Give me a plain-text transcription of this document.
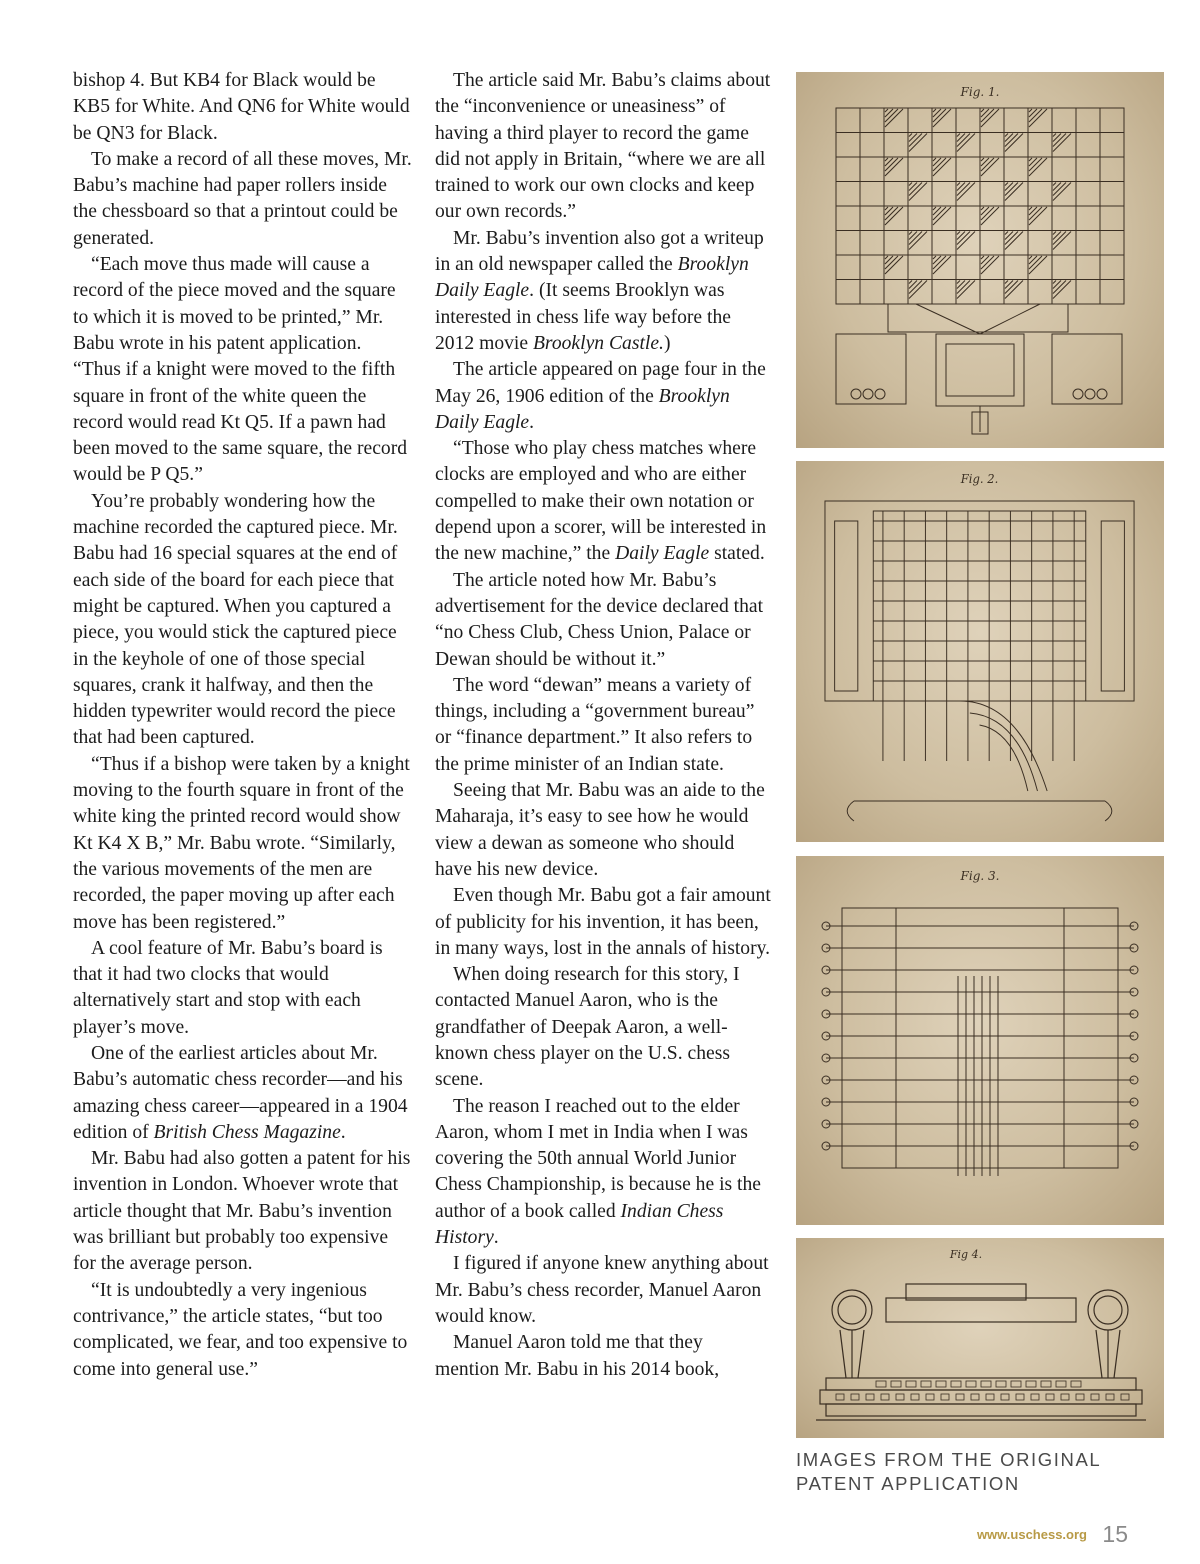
bishop 4. But KB4 for Black would be KB5 for White. And QN6 for White would be QN3 for Black.

To make a record of all these moves, Mr. Babu’s machine had paper rollers inside the chessboard so that a printout could be generated.

“Each move thus made will cause a record of the piece moved and the square to which it is moved to be printed,” Mr. Babu wrote in his patent application. “Thus if a knight were moved to the fifth square in front of the white queen the record would read Kt Q5. If a pawn had been moved to the same square, the record would be P Q5.”

You’re probably wondering how the machine recorded the captured piece. Mr. Babu had 16 special squares at the end of each side of the board for each piece that might be captured. When you captured a piece, you would stick the captured piece in the keyhole of one of those special squares, crank it halfway, and then the hidden typewriter would record the piece that had been captured.

“Thus if a bishop were taken by a knight moving to the fourth square in front of the white king the printed record would show Kt K4 X B,” Mr. Babu wrote. “Similarly, the various movements of the men are recorded, the paper moving up after each move has been registered.”

A cool feature of Mr. Babu’s board is that it had two clocks that would alternatively start and stop with each player’s move.

One of the earliest articles about Mr. Babu’s automatic chess recorder—and his amazing chess career—appeared in a 1904 edition of British Chess Magazine.

Mr. Babu had also gotten a patent for his invention in London. Whoever wrote that article thought that Mr. Babu’s invention was brilliant but probably too expensive for the average person.

“It is undoubtedly a very ingenious contrivance,” the article states, “but too complicated, we fear, and too expensive to come into general use.”

The article said Mr. Babu’s claims about the “inconvenience or uneasiness” of having a third player to record the game did not apply in Britain, “where we are all trained to work our own clocks and keep our own records.”

Mr. Babu’s invention also got a writeup in an old newspaper called the Brooklyn Daily Eagle. (It seems Brooklyn was interested in chess life way before the 2012 movie Brooklyn Castle.)

The article appeared on page four in the May 26, 1906 edition of the Brooklyn Daily Eagle.

“Those who play chess matches where clocks are employed and who are either compelled to make their own notation or depend upon a scorer, will be interested in the new machine,” the Daily Eagle stated.

The article noted how Mr. Babu’s advertisement for the device declared that “no Chess Club, Chess Union, Palace or Dewan should be without it.”

The word “dewan” means a variety of things, including a “government bureau” or “finance department.” It also refers to the prime minister of an Indian state.

Seeing that Mr. Babu was an aide to the Maharaja, it’s easy to see how he would view a dewan as someone who should have his new device.

Even though Mr. Babu got a fair amount of publicity for his invention, it has been, in many ways, lost in the annals of history.

When doing research for this story, I contacted Manuel Aaron, who is the grandfather of Deepak Aaron, a well-known chess player on the U.S. chess scene.

The reason I reached out to the elder Aaron, whom I met in India when I was covering the 50th annual World Junior Chess Championship, is because he is the author of a book called Indian Chess History.

I figured if anyone knew anything about Mr. Babu’s chess recorder, Manuel Aaron would know.

Manuel Aaron told me that they mention Mr. Babu in his 2014 book,

Fig. 1.
Fig. 2.
Fig. 3.
Fig 4.
IMAGES FROM THE ORIGINAL
PATENT APPLICATION
www.uschess.org 15
